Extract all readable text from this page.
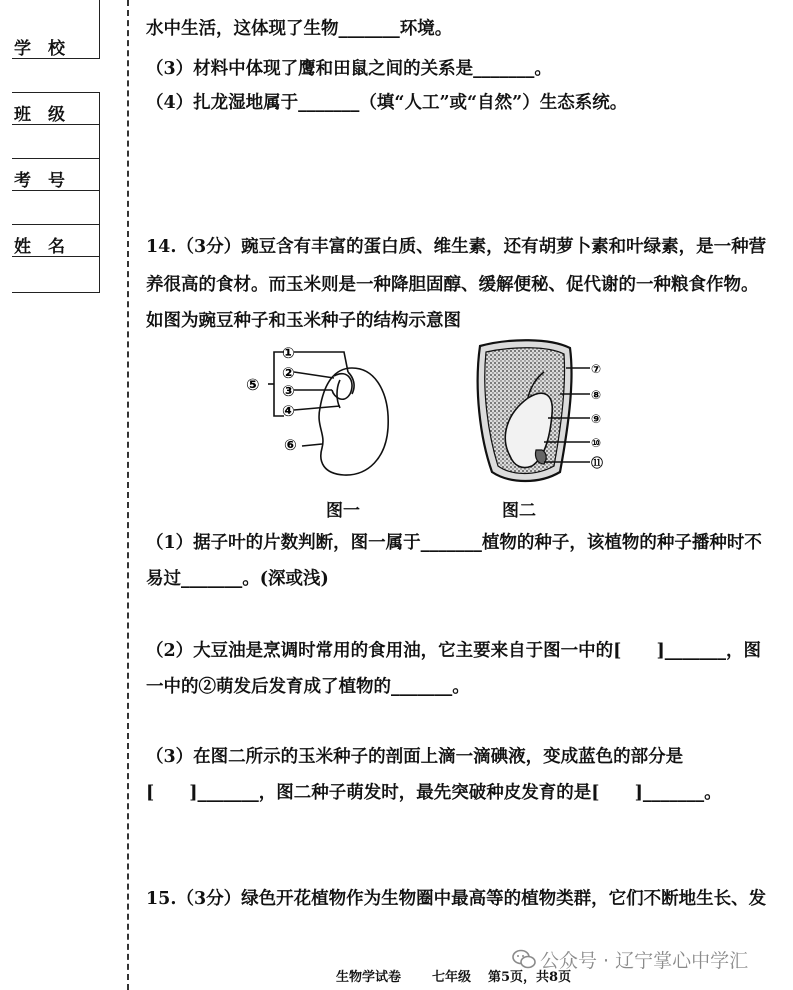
学　校
班　级
考　号
姓　名
水中生活，这体现了生物_______环境。
（3）材料中体现了鹰和田鼠之间的关系是_______。
（4）扎龙湿地属于_______（填“人工”或“自然”）生态系统。
14.（3分）豌豆含有丰富的蛋白质、维生素，还有胡萝卜素和叶绿素，是一种营
养很高的食材。而玉米则是一种降胆固醇、缓解便秘、促代谢的一种粮食作物。
如图为豌豆种子和玉米种子的结构示意图
①
②
③
④
⑤
⑥
⑦
⑧
⑨
⑩
⑪
图一	图二
（1）据子叶的片数判断，图一属于_______植物的种子，该植物的种子播种时不
易过_______。(深或浅)
（2）大豆油是烹调时常用的食用油，它主要来自于图一中的[　　]_______，图
一中的②萌发后发育成了植物的_______。
（3）在图二所示的玉米种子的剖面上滴一滴碘液，变成蓝色的部分是
[　　]_______，图二种子萌发时，最先突破种皮发育的是[　　]_______。
15.（3分）绿色开花植物作为生物圈中最高等的植物类群，它们不断地生长、发
公众号 · 辽宁掌心中学汇
生物学试卷 七年级 第5页，共8页
